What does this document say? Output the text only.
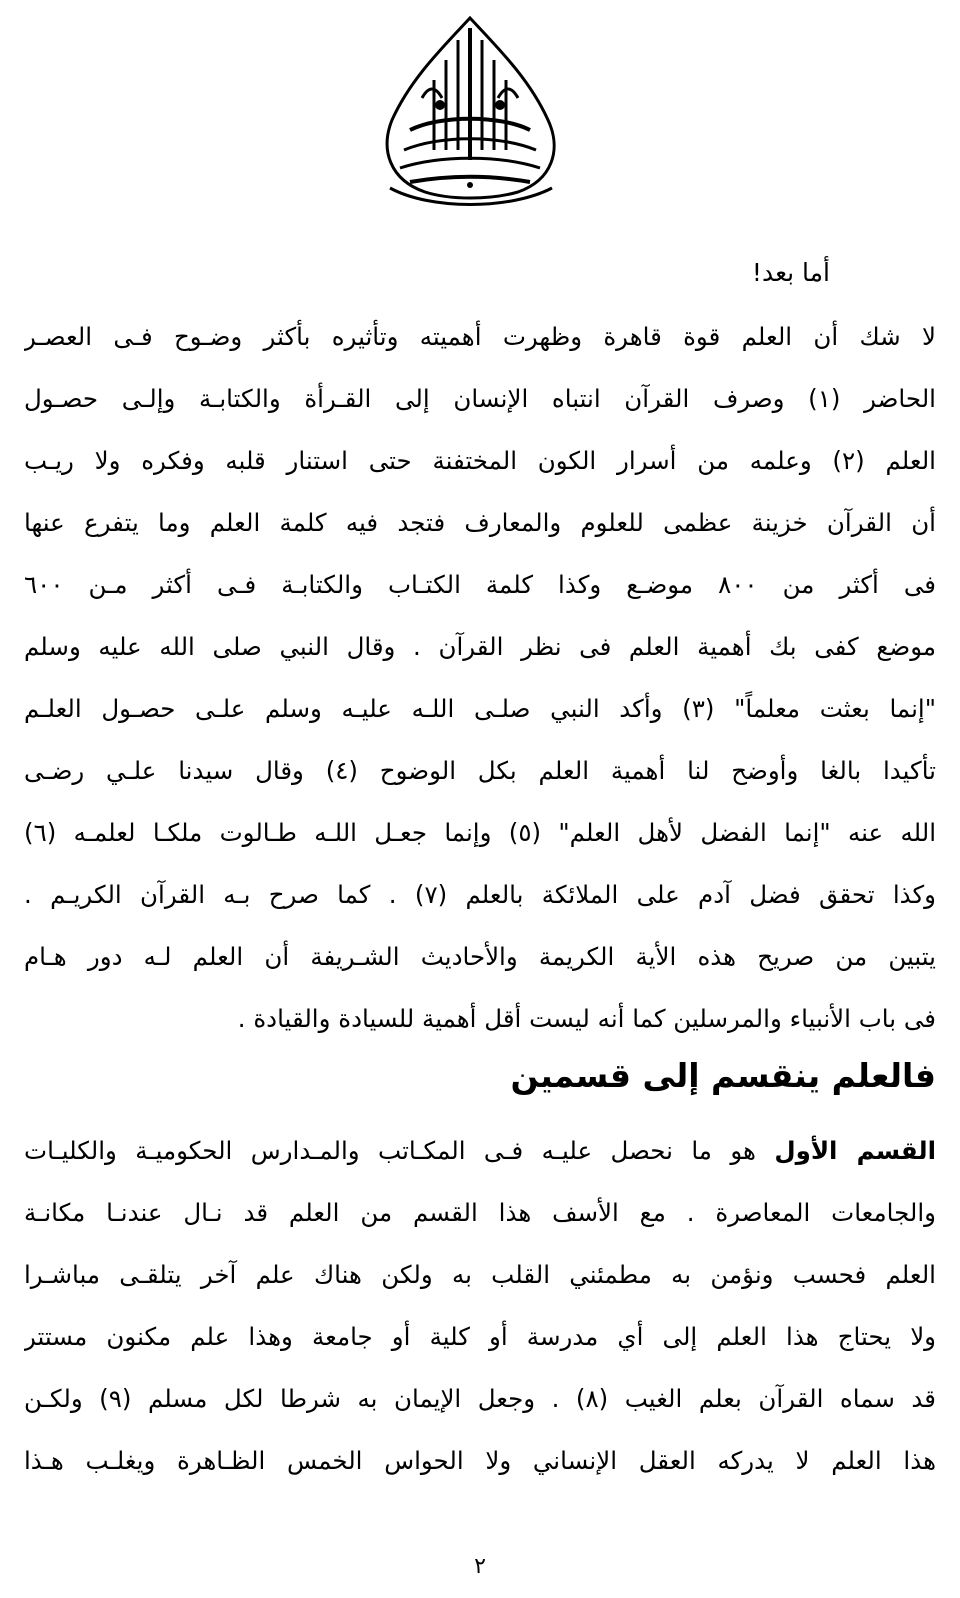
أما بعد!

لا شك أن العلم قوة قاهرة وظهرت أهميته وتأثيره بأكثر وضـوح فـى العصـر
الحاضر (١) وصرف القرآن انتباه الإنسان إلى القـرأة والكتابـة وإلـى حصـول
العلم (٢) وعلمه من أسرار الكون المختفنة حتى استنار قلبه وفكره ولا ريـب
أن القرآن خزينة عظمى للعلوم والمعارف فتجد فيه كلمة العلم وما يتفرع عنها
فى أكثر من ٨٠٠ موضـع وكذا كلمة الكتـاب والكتابـة فـى أكثر مـن ٦٠٠
موضع كفى بك أهمية العلم فى نظر القرآن . وقال النبي صلى الله عليه وسلم
"إنما بعثت معلماً" (٣) وأكد النبي صلـى اللـه عليـه وسلم علـى حصـول العلـم
تأكيدا بالغا وأوضح لنا أهمية العلم بكل الوضوح (٤) وقال سيدنا علـي رضـى
الله عنه "إنما الفضل لأهل العلم" (٥) وإنما جعـل اللـه طـالوت ملكـا لعلمـه (٦)
وكذا تحقق فضل آدم على الملائكة بالعلم (٧) . كما صرح بـه القرآن الكريـم .
يتبين من صريح هذه الأية الكريمة والأحاديث الشـريفة أن العلم لـه دور هـام
فى باب الأنبياء والمرسلين كما أنه ليست أقل أهمية للسيادة والقيادة .
فالعلم ينقسم إلى قسمين
القسم الأول هو ما نحصل عليـه فـى المكـاتب والمـدارس الحكوميـة والكليـات
والجامعات المعاصرة . مع الأسف هذا القسم من العلم قد نـال عندنـا مكانـة
العلم فحسب ونؤمن به مطمئني القلب به ولكن هناك علم آخر يتلقـى مباشـرا
ولا يحتاج هذا العلم إلى أي مدرسة أو كلية أو جامعة وهذا علم مكنون مستتر
قد سماه القرآن بعلم الغيب (٨) . وجعل الإيمان به شرطا لكل مسلم (٩) ولكـن
هذا العلم لا يدركه العقل الإنساني ولا الحواس الخمس الظـاهرة ويغلـب هـذا

٢
